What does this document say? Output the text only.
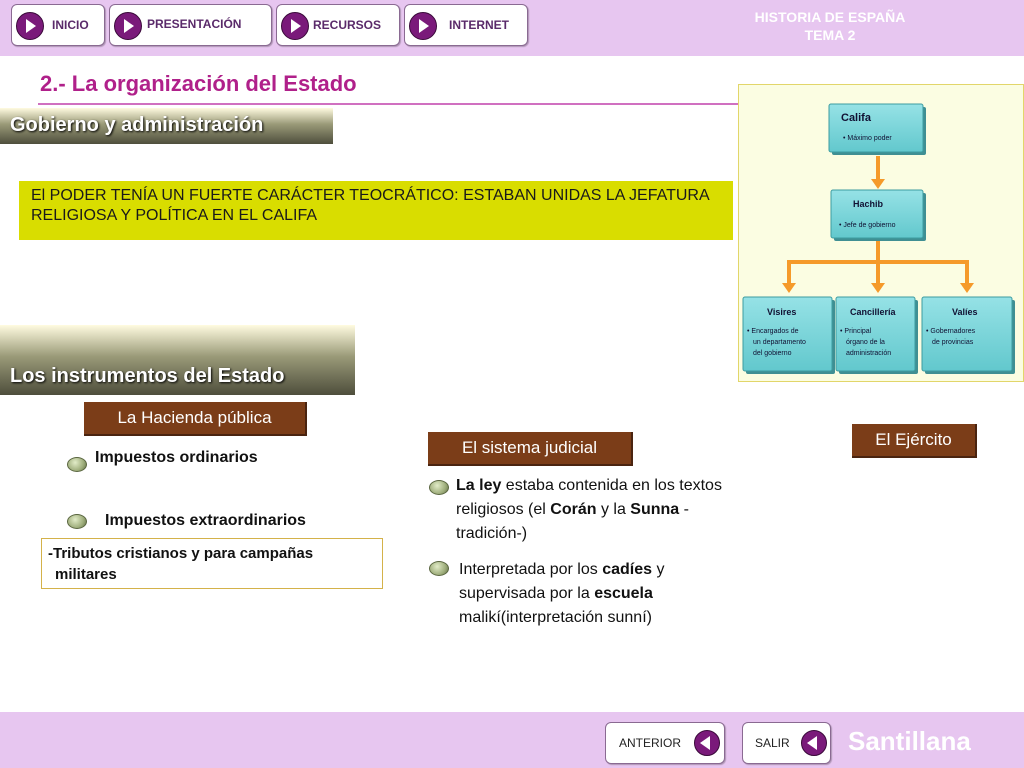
INICIO	PRESENTACIÓN	RECURSOS	INTERNET	HISTORIA DE ESPAÑA
TEMA 2
2.- La organización del Estado
Gobierno y administración
El PODER TENÍA UN FUERTE CARÁCTER TEOCRÁTICO: ESTABAN UNIDAS LA JEFATURA RELIGIOSA Y POLÍTICA EN EL CALIFA
Califa
• Máximo poder
Hachib
• Jefe de gobierno
Visires
• Encargados de
un departamento
del gobierno
Cancillería
• Principal
órgano de la
administración
Valíes
• Gobernadores
de provincias
Los instrumentos del Estado
La Hacienda pública
Impuestos ordinarios
Impuestos extraordinarios
-Tributos cristianos y para campañas
militares
El sistema judicial
La ley estaba contenida en los textos religiosos (el Corán y la Sunna -tradición-)
Interpretada por los cadíes y supervisada por la escuela malikí(interpretación sunní)
El Ejército
ANTERIOR	SALIR Santillana
